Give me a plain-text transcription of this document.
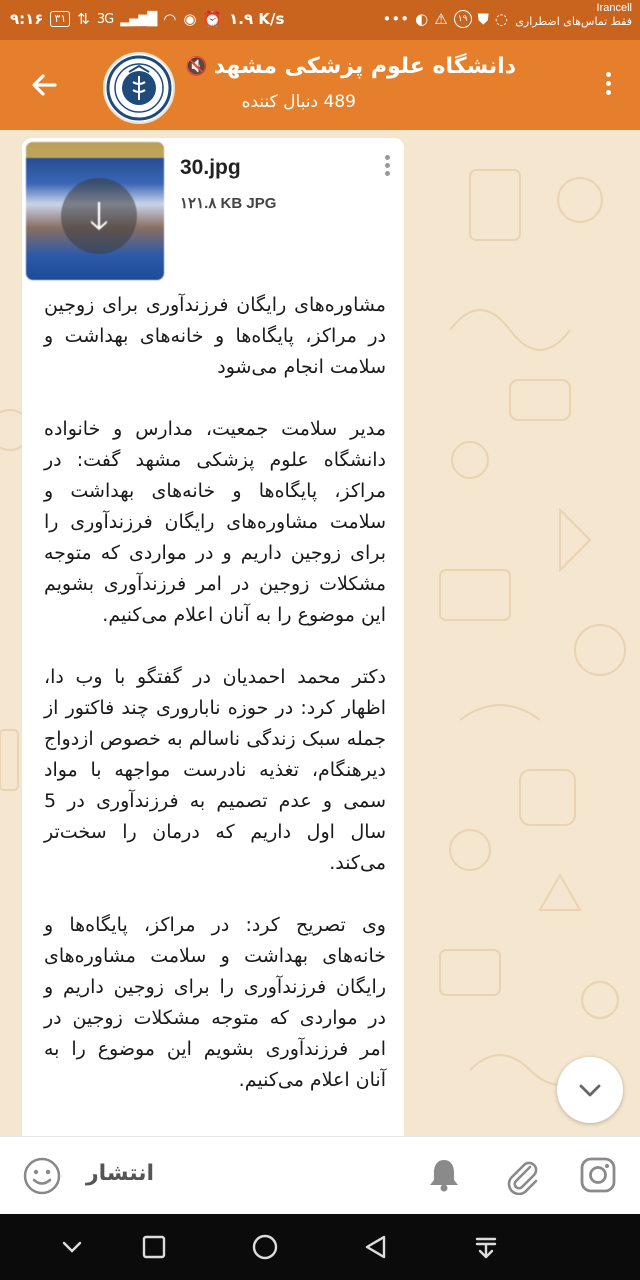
۹:۱۶	۳۱ ⇅ 3G ▂▄▆█ ◠ ◉ ⏰ ۱.۹ K/s	••• ◐ ⚠	۱۹ ⛊ ◌
Irancell
فقط تماس‌های اضطراری
دانشگاه علوم پزشکی مشهد
🔇
489 دنبال کننده
🡓
30.jpg
۱۲۱.۸ KB JPG

مشاوره‌های رایگان فرزندآوری برای زوجین در مراکز، پایگاه‌ها و خانه‌های بهداشت و سلامت انجام می‌شود

مدیر سلامت جمعیت، مدارس و خانواده دانشگاه علوم پزشکی مشهد گفت: در مراکز، پایگاه‌ها و خانه‌های بهداشت و سلامت مشاوره‌های رایگان فرزندآوری را برای زوجین داریم و در مواردی که متوجه مشکلات زوجین در امر فرزندآوری بشویم این موضوع را به آنان اعلام می‌کنیم.

دکتر محمد احمدیان در گفتگو با وب دا، اظهار کرد: در حوزه ناباروری چند فاکتور از جمله سبک زندگی ناسالم به خصوص ازدواج دیرهنگام، تغذیه نادرست مواجهه با مواد سمی و عدم تصمیم به فرزندآوری در 5 سال اول داریم که درمان را سخت‌تر می‌کند.

وی تصریح کرد: در مراکز، پایگاه‌ها و خانه‌های بهداشت و سلامت مشاوره‌های رایگان فرزندآوری را برای زوجین داریم و در مواردی که متوجه مشکلات زوجین در امر فرزندآوری بشویم این موضوع را به آنان اعلام می‌کنیم.

انتشار
